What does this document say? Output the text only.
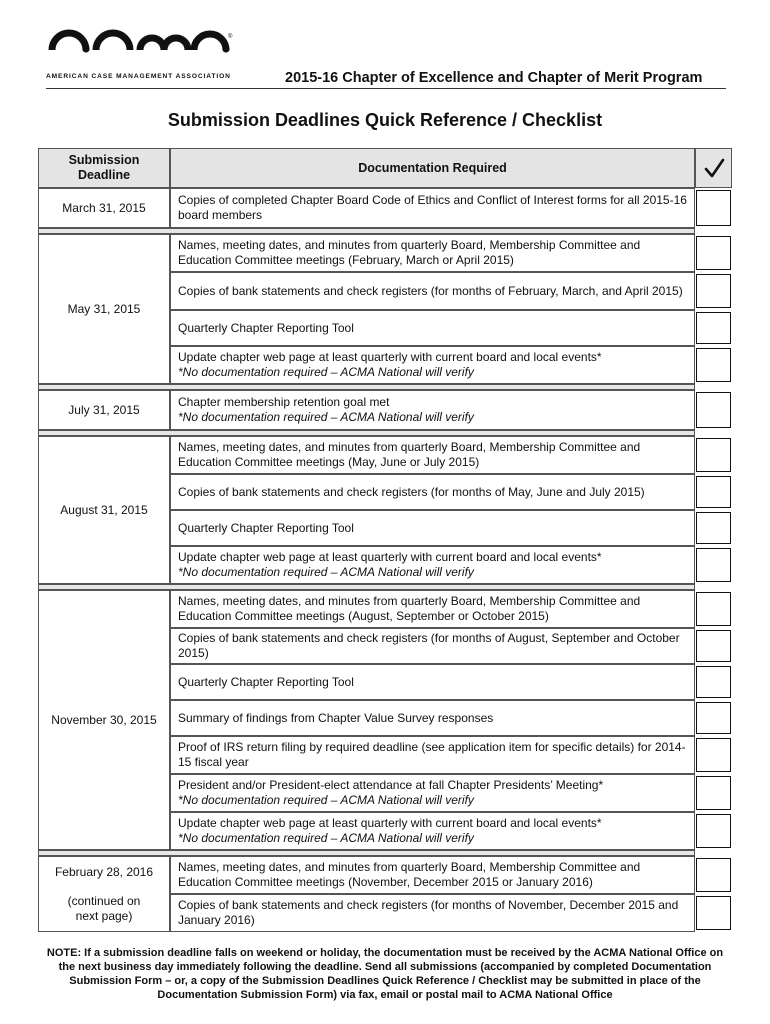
®
AMERICAN CASE MANAGEMENT ASSOCIATION	2015-16 Chapter of Excellence and Chapter of Merit Program
Submission Deadlines Quick Reference / Checklist
Submission
Deadline	Documentation Required
March 31, 2015
Copies of completed Chapter Board Code of Ethics and Conflict of Interest forms for all 2015-16 board members
May 31, 2015
Names, meeting dates, and minutes from quarterly Board, Membership Committee and Education Committee meetings (February, March or April 2015)
Copies of bank statements and check registers (for months of February, March, and April 2015)
Quarterly Chapter Reporting Tool
Update chapter web page at least quarterly with current board and local events*
*No documentation required – ACMA National will verify
July 31, 2015
Chapter membership retention goal met
*No documentation required – ACMA National will verify
August 31, 2015
Names, meeting dates, and minutes from quarterly Board, Membership Committee and Education Committee meetings (May, June or July 2015)
Copies of bank statements and check registers (for months of May, June and July 2015)
Quarterly Chapter Reporting Tool
Update chapter web page at least quarterly with current board and local events*
*No documentation required – ACMA National will verify
November 30, 2015
Names, meeting dates, and minutes from quarterly Board, Membership Committee and Education Committee meetings (August, September or October 2015)
Copies of bank statements and check registers (for months of August, September and October 2015)
Quarterly Chapter Reporting Tool
Summary of findings from Chapter Value Survey responses
Proof of IRS return filing by required deadline (see application item for specific details) for 2014-15 fiscal year
President and/or President-elect attendance at fall Chapter Presidents’ Meeting*
*No documentation required – ACMA National will verify
Update chapter web page at least quarterly with current board and local events*
*No documentation required – ACMA National will verify
February 28, 2016
(continued on next page)
Names, meeting dates, and minutes from quarterly Board, Membership Committee and Education Committee meetings (November, December 2015 or January 2016)
Copies of bank statements and check registers (for months of November, December 2015 and January 2016)
NOTE: If a submission deadline falls on weekend or holiday, the documentation must be received by the ACMA National Office on the next business day immediately following the deadline. Send all submissions (accompanied by completed Documentation Submission Form – or, a copy of the Submission Deadlines Quick Reference / Checklist may be submitted in place of the Documentation Submission Form) via fax, email or postal mail to ACMA National Office
